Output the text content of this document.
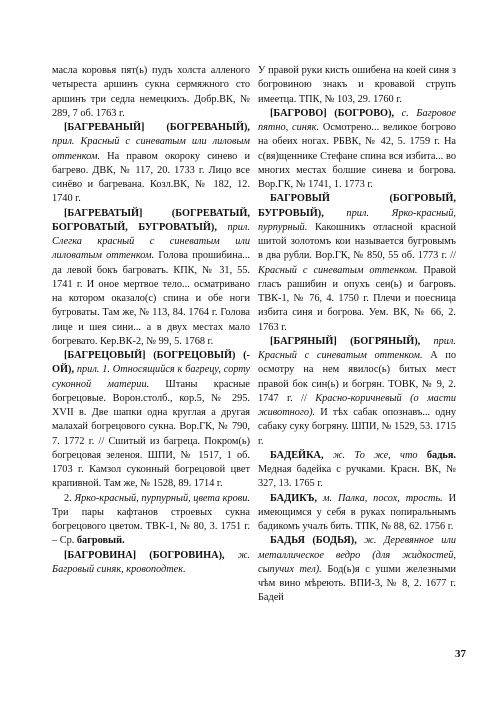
масла коровья пят(ь) пудъ холста алленого четыреста аршинъ сукна сермяжного сто аршинъ три седла немецкихъ. Добр.ВК, № 289, 7 об. 1763 г.

[БАГРЕВАНЫЙ] (БОГРЕВАНЫЙ), прил. Красный с синеватым или лиловым оттенком. На правом окороку синево и багрево. ДВК, № 117, 20. 1733 г. Лицо все синёво и багревана. Козл.ВК, № 182, 12. 1740 г.

[БАГРЕВАТЫЙ] (БОГРЕВАТЫЙ, БОГРОВАТЫЙ, БУГРОВАТЫЙ), прил. Слегка красный с синеватым или лиловатым оттенком. Голова прошибина... да левой бокъ багроватъ. КПК, № 31, 55. 1741 г. И оное мертвое тело... осматривано на котором оказало(с) спина и обе ноги бугроваты. Там же, № 113, 84. 1764 г. Голова лице и шея сини... а в двух местах мало богревато. Кер.ВК-2, № 99, 5. 1768 г.

[БАГРЕЦОВЫЙ] (БОГРЕЦОВЫЙ) (-ОЙ), прил. 1. Относящийся к багрецу, сорту суконной материи. Штаны красные богрецовые. Ворон.столб., кор.5, № 295. XVII в. Две шапки одна круглая а другая малахай богрецового сукна. Вор.ГК, № 790, 7. 1772 г. // Сшитый из багреца. Покром(ь) богрецовая зеленоя. ШПИ, № 1517, 1 об. 1703 г. Камзол суконный богрецовой цвет крапивной. Там же, № 1528, 89. 1714 г.

2. Ярко-красный, пурпурный, цвета крови. Три пары кафтанов строевых сукна богрецового цветом. ТВК-1, № 80, 3. 1751 г. – Ср. багровый.

[БАГРОВИНА] (БОГРОВИНА), ж. Багровый синяк, кровоподтек.

У правой руки кисть ошибена на коей синя з богровиною знакъ и кровавой струпъ имеетца. ТПК, № 103, 29. 1760 г.

[БАГРОВО] (БОГРОВО), с. Багровое пятно, синяк. Осмотрено... великое богрово на обеих ногах. РБВК, № 42, 5. 1759 г. На с(вя)щеннике Стефане спина вся избита... во многих местах болшие синева и богрова. Вор.ГК, № 1741, 1. 1773 г.

БАГРОВЫЙ (БОГРОВЫЙ, БУГРОВЫЙ), прил. Ярко-красный, пурпурный. Какошникъ отласной красной шитой золотомъ кои называется бугровымъ в два рубли. Вор.ГК, № 850, 55 об. 1773 г. // Красный с синеватым оттенком. Правой гласъ рашибин и опухъ сен(ь) и багровъ. ТВК-1, № 76, 4. 1750 г. Плечи и поесница избита синя и богрова. Уем. ВК, № 66, 2. 1763 г.

[БАГРЯНЫЙ] (БОГРЯНЫЙ), прил. Красный с синеватым оттенком. А по осмотру на нем явилос(ь) битых мест правой бок син(ь) и богрян. ТОВК, № 9, 2. 1747 г. // Красно-коричневый (о масти животного). И тѣх сабак опознавъ... одну сабаку суку богряну. ШПИ, № 1529, 53. 1715 г.

БАДЕЙКА, ж. То же, что бадья. Медная бадейка с ручками. Красн. ВК, № 327, 13. 1765 г.

БАДИКЪ, м. Палка, посох, трость. И имеющимся у себя в руках попиральнымъ бадикомъ учалъ бить. ТПК, № 88, 62. 1756 г.

БАДЬЯ (БОДЬЯ), ж. Деревянное или металлическое ведро (для жидкостей, сыпучих тел). Бод(ь)я с ушми железными чѣм вино мѣрeють. ВПИ-3, № 8, 2. 1677 г. Бадей

37
